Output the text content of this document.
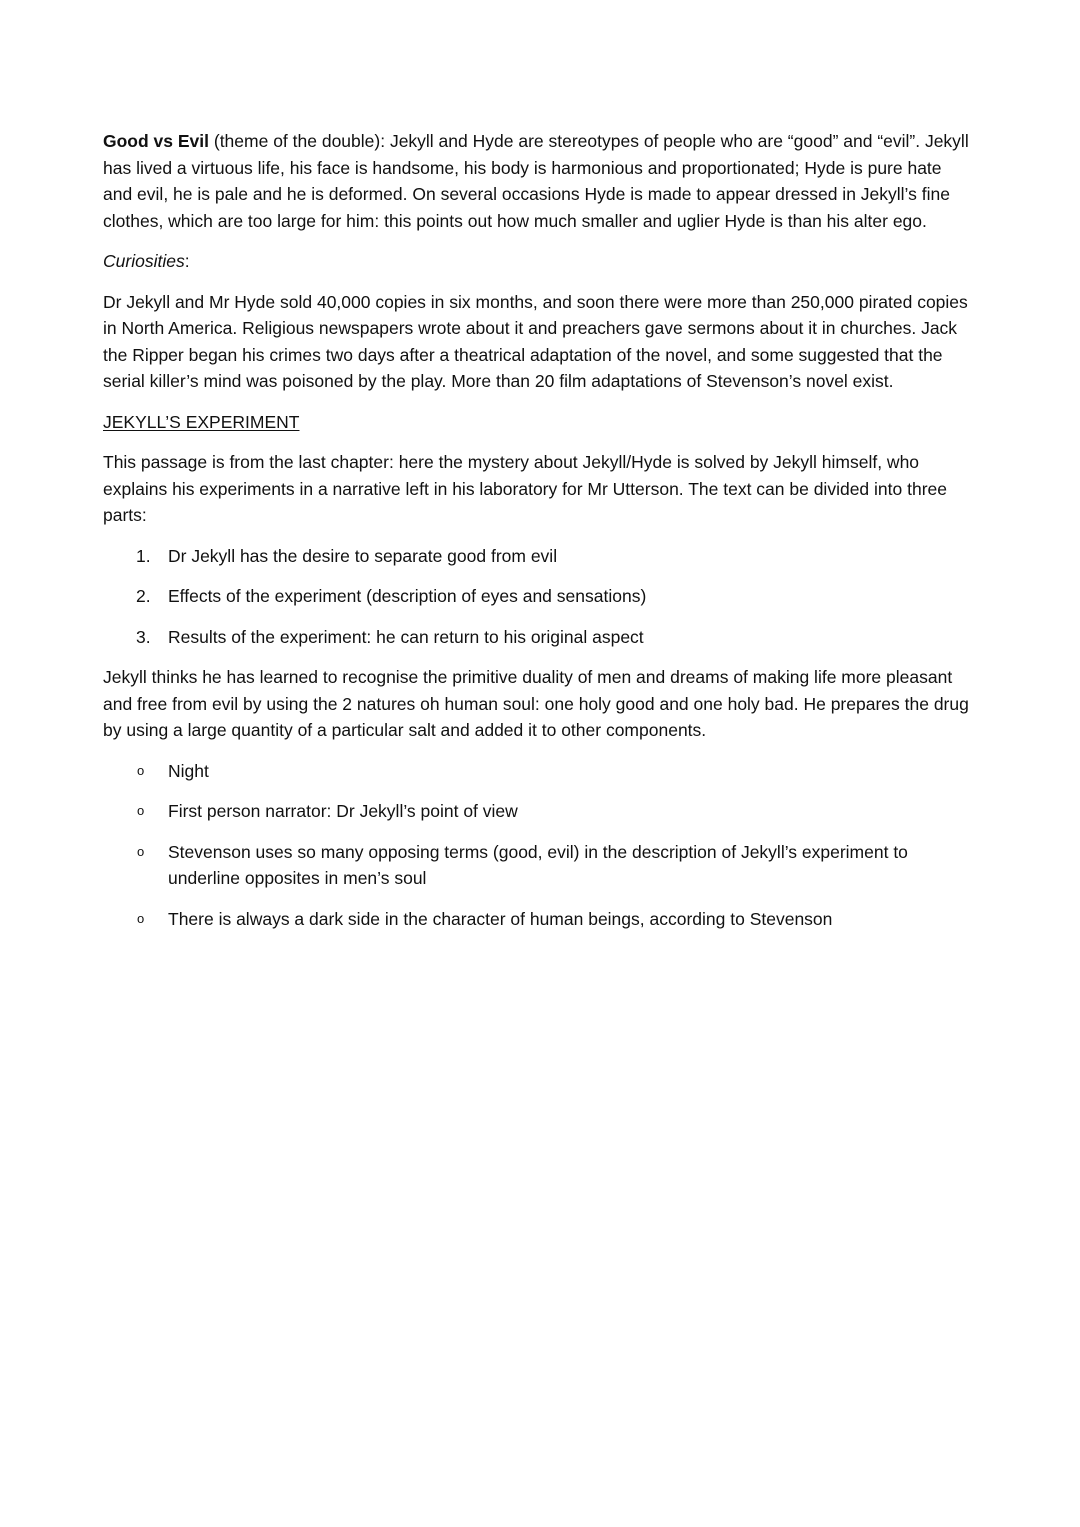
Good vs Evil (theme of the double): Jekyll and Hyde are stereotypes of people who are “good” and “evil”. Jekyll has lived a virtuous life, his face is handsome, his body is harmonious and proportionated; Hyde is pure hate and evil, he is pale and he is deformed. On several occasions Hyde is made to appear dressed in Jekyll’s fine clothes, which are too large for him: this points out how much smaller and uglier Hyde is than his alter ego.

Curiosities:

Dr Jekyll and Mr Hyde sold 40,000 copies in six months, and soon there were more than 250,000 pirated copies in North America. Religious newspapers wrote about it and preachers gave sermons about it in churches. Jack the Ripper began his crimes two days after a theatrical adaptation of the novel, and some suggested that the serial killer’s mind was poisoned by the play. More than 20 film adaptations of Stevenson’s novel exist.

JEKYLL’S EXPERIMENT

This passage is from the last chapter: here the mystery about Jekyll/Hyde is solved by Jekyll himself, who explains his experiments in a narrative left in his laboratory for Mr Utterson. The text can be divided into three parts:

1. Dr Jekyll has the desire to separate good from evil
2. Effects of the experiment (description of eyes and sensations)
3. Results of the experiment: he can return to his original aspect

Jekyll thinks he has learned to recognise the primitive duality of men and dreams of making life more pleasant and free from evil by using the 2 natures oh human soul: one holy good and one holy bad. He prepares the drug by using a large quantity of a particular salt and added it to other components.

o	Night
o	First person narrator: Dr Jekyll’s point of view
o	Stevenson uses so many opposing terms (good, evil) in the description of Jekyll’s experiment to underline opposites in men’s soul
o	There is always a dark side in the character of human beings, according to Stevenson
